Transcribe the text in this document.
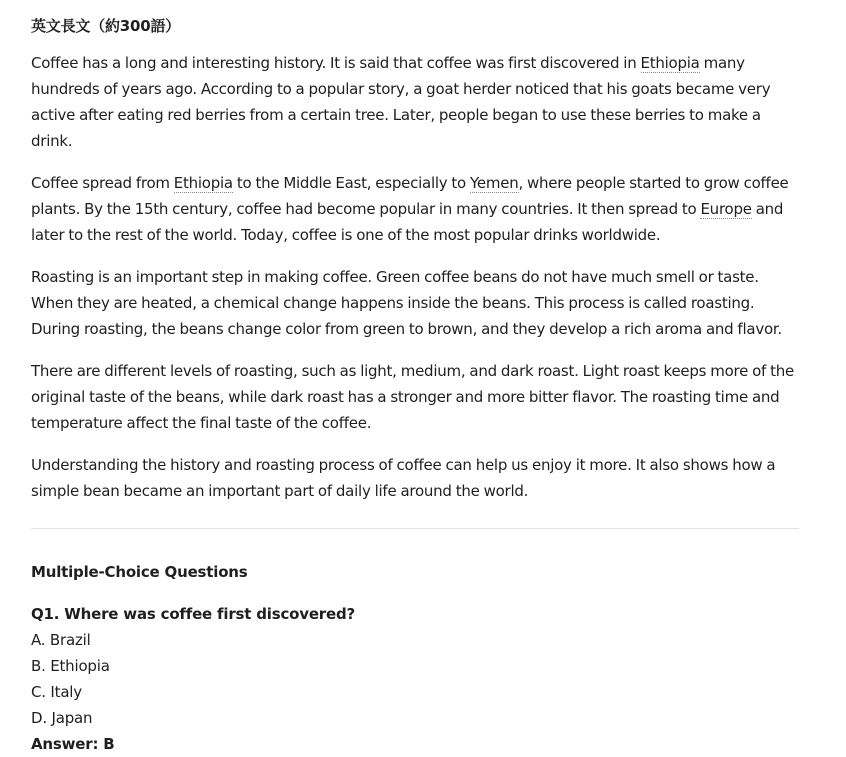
英文長文（約300語）

Coffee has a long and interesting history. It is said that coffee was first discovered in Ethiopia many hundreds of years ago. According to a popular story, a goat herder noticed that his goats became very active after eating red berries from a certain tree. Later, people began to use these berries to make a drink.

Coffee spread from Ethiopia to the Middle East, especially to Yemen, where people started to grow coffee plants. By the 15th century, coffee had become popular in many countries. It then spread to Europe and later to the rest of the world. Today, coffee is one of the most popular drinks worldwide.

Roasting is an important step in making coffee. Green coffee beans do not have much smell or taste. When they are heated, a chemical change happens inside the beans. This process is called roasting. During roasting, the beans change color from green to brown, and they develop a rich aroma and flavor.

There are different levels of roasting, such as light, medium, and dark roast. Light roast keeps more of the original taste of the beans, while dark roast has a stronger and more bitter flavor. The roasting time and temperature affect the final taste of the coffee.

Understanding the history and roasting process of coffee can help us enjoy it more. It also shows how a simple bean became an important part of daily life around the world.

Multiple-Choice Questions

Q1. Where was coffee first discovered?

A. Brazil

B. Ethiopia

C. Italy

D. Japan

Answer: B
